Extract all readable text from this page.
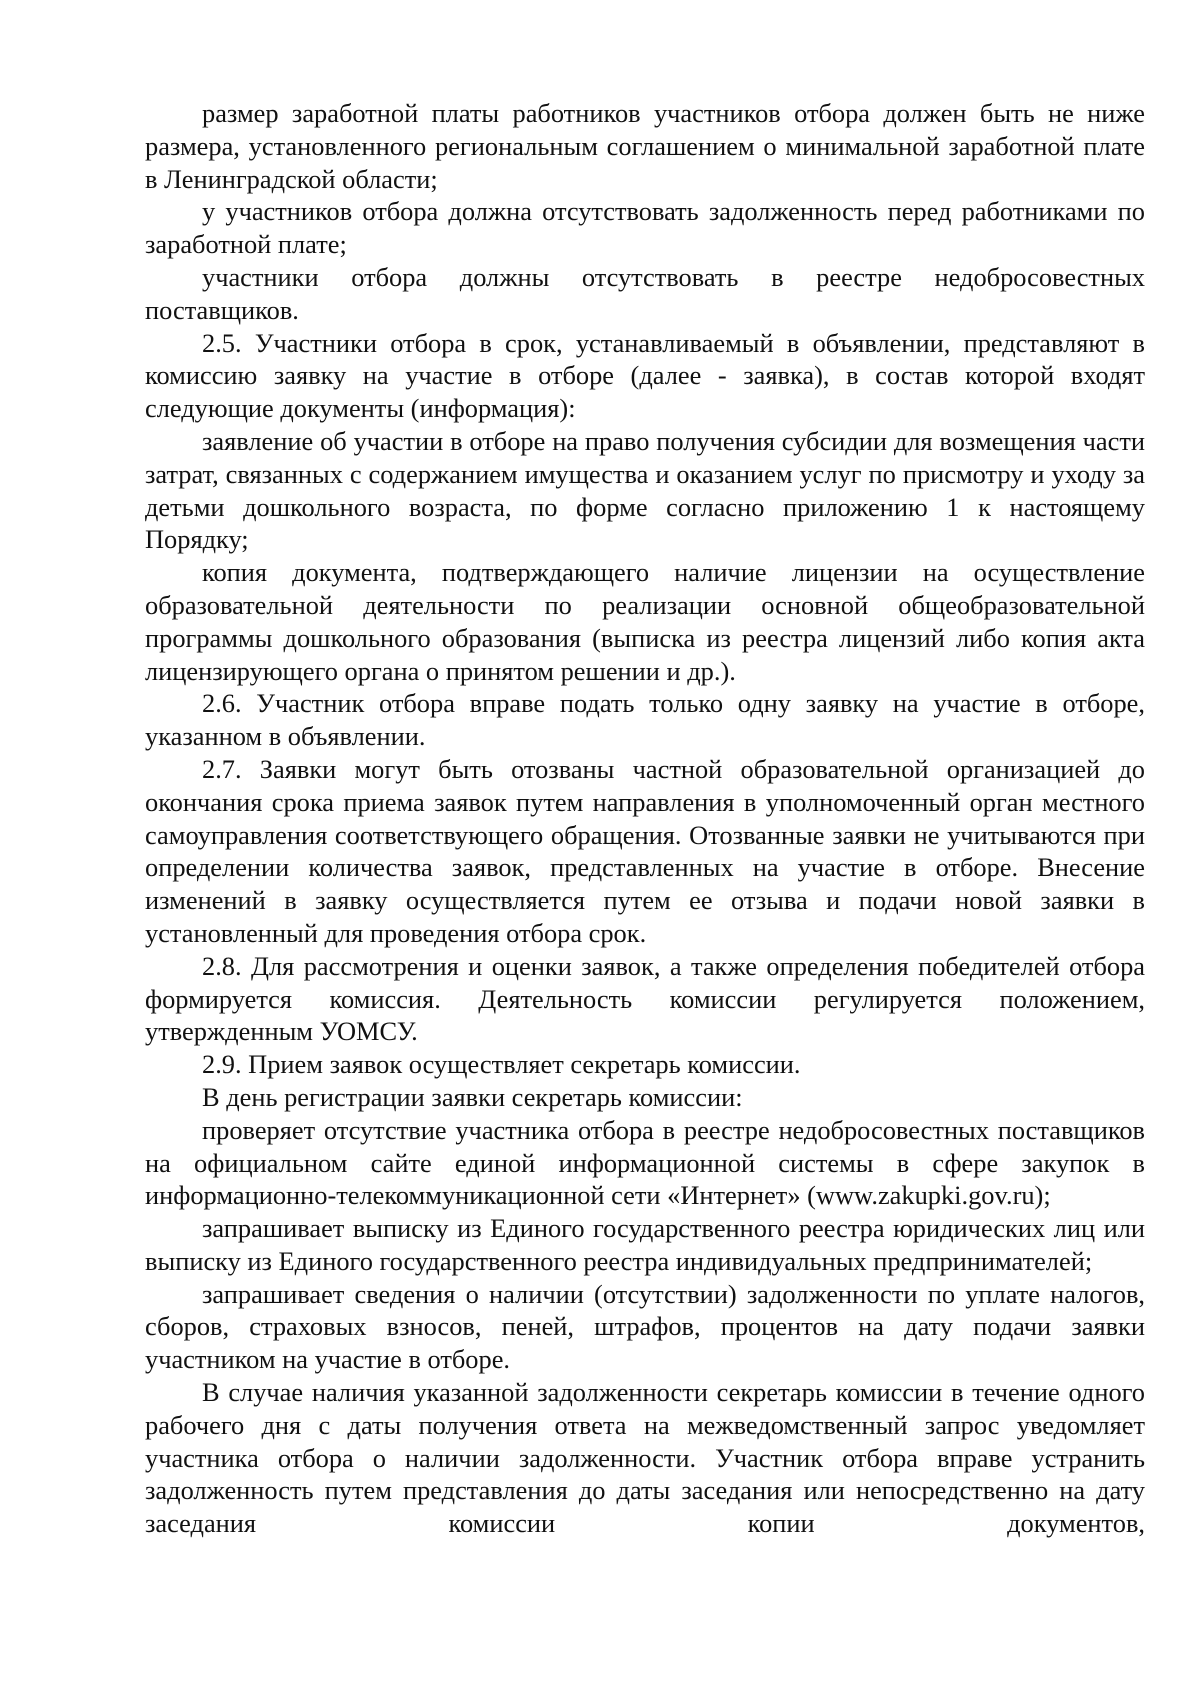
размер заработной платы работников участников отбора должен быть не ниже размера, установленного региональным соглашением о минимальной заработной плате в Ленинградской области;

у участников отбора должна отсутствовать задолженность перед работниками по заработной плате;

участники отбора должны отсутствовать в реестре недобросовестных поставщиков.

2.5. Участники отбора в срок, устанавливаемый в объявлении, представляют в комиссию заявку на участие в отборе (далее - заявка), в состав которой входят следующие документы (информация):

заявление об участии в отборе на право получения субсидии для возмещения части затрат, связанных с содержанием имущества и оказанием услуг по присмотру и уходу за детьми дошкольного возраста, по форме согласно приложению 1 к настоящему Порядку;

копия документа, подтверждающего наличие лицензии на осуществление образовательной деятельности по реализации основной общеобразовательной программы дошкольного образования (выписка из реестра лицензий либо копия акта лицензирующего органа о принятом решении и др.).

2.6. Участник отбора вправе подать только одну заявку на участие в отборе, указанном в объявлении.

2.7. Заявки могут быть отозваны частной образовательной организацией до окончания срока приема заявок путем направления в уполномоченный орган местного самоуправления соответствующего обращения. Отозванные заявки не учитываются при определении количества заявок, представленных на участие в отборе. Внесение изменений в заявку осуществляется путем ее отзыва и подачи новой заявки в установленный для проведения отбора срок.

2.8. Для рассмотрения и оценки заявок, а также определения победителей отбора формируется комиссия. Деятельность комиссии регулируется положением, утвержденным УОМСУ.

2.9. Прием заявок осуществляет секретарь комиссии.

В день регистрации заявки секретарь комиссии:

проверяет отсутствие участника отбора в реестре недобросовестных поставщиков на официальном сайте единой информационной системы в сфере закупок в информационно-телекоммуникационной сети «Интернет» (www.zakupki.gov.ru);

запрашивает выписку из Единого государственного реестра юридических лиц или выписку из Единого государственного реестра индивидуальных предпринимателей;

запрашивает сведения о наличии (отсутствии) задолженности по уплате налогов, сборов, страховых взносов, пеней, штрафов, процентов на дату подачи заявки участником на участие в отборе.

В случае наличия указанной задолженности секретарь комиссии в течение одного рабочего дня с даты получения ответа на межведомственный запрос уведомляет участника отбора о наличии задолженности. Участник отбора вправе устранить задолженность путем представления до даты заседания или непосредственно на дату заседания комиссии копии документов,
